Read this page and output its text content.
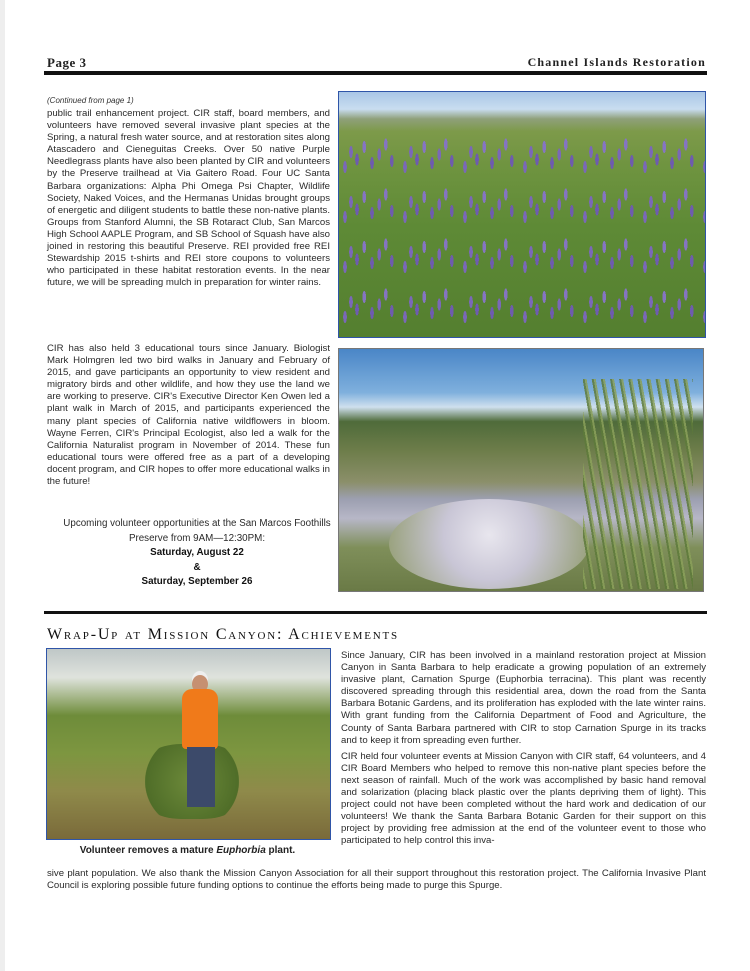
Page 3	Channel Islands Restoration
(Continued from page 1)

public trail enhancement project. CIR staff, board members, and volunteers have removed several invasive plant species at the Spring, a natural fresh water source, and at restoration sites along Atascadero and Cieneguitas Creeks. Over 50 native Purple Needlegrass plants have also been planted by CIR and volunteers by the Preserve trailhead at Via Gaitero Road. Four UC Santa Barbara organizations: Alpha Phi Omega Psi Chapter, Wildlife Society, Naked Voices, and the Hermanas Unidas brought groups of energetic and diligent students to battle these non-native plants. Groups from Stanford Alumni, the SB Rotaract Club, San Marcos High School AAPLE Program, and SB School of Squash have also joined in restoring this beautiful Preserve. REI provided free REI Stewardship 2015 t-shirts and REI store coupons to volunteers who participated in these habitat restoration events. In the near future, we will be spreading mulch in preparation for winter rains.

CIR has also held 3 educational tours since January. Biologist Mark Holmgren led two bird walks in January and February of 2015, and gave participants an opportunity to view resident and migratory birds and other wildlife, and how they use the land we are working to preserve. CIR's Executive Director Ken Owen led a plant walk in March of 2015, and participants experienced the many plant species of California native wildflowers in bloom. Wayne Ferren, CIR's Principal Ecologist, also led a walk for the California Naturalist program in November of 2014. These fun educational tours were offered free as a part of a developing docent program, and CIR hopes to offer more educational walks in the future!

Upcoming volunteer opportunities at the San Marcos Foothills
Preserve from 9AM—12:30PM:
Saturday, August 22
&
Saturday, September 26
Wrap-Up at Mission Canyon: Achievements
Volunteer removes a mature Euphorbia plant.

Since January, CIR has been involved in a mainland restoration project at Mission Canyon in Santa Barbara to help eradicate a growing population of an extremely invasive plant, Carnation Spurge (Euphorbia terracina). This plant was recently discovered spreading through this residential area, down the road from the Santa Barbara Botanic Gardens, and its proliferation has exploded with the late winter rains. With grant funding from the California Department of Food and Agriculture, the County of Santa Barbara partnered with CIR to stop Carnation Spurge in its tracks and to keep it from spreading even further.

CIR held four volunteer events at Mission Canyon with CIR staff, 64 volunteers, and 4 CIR Board Members who helped to remove this non-native plant species before the next season of rainfall. Much of the work was accomplished by basic hand removal and solarization (placing black plastic over the plants depriving them of light). This project could not have been completed without the hard work and dedication of our volunteers! We thank the Santa Barbara Botanic Garden for their support on this project by providing free admission at the end of the volunteer event to those who participated to help control this inva-

sive plant population. We also thank the Mission Canyon Association for all their support throughout this restoration project. The California Invasive Plant Council is exploring possible future funding options to continue the efforts being made to purge this Spurge.
